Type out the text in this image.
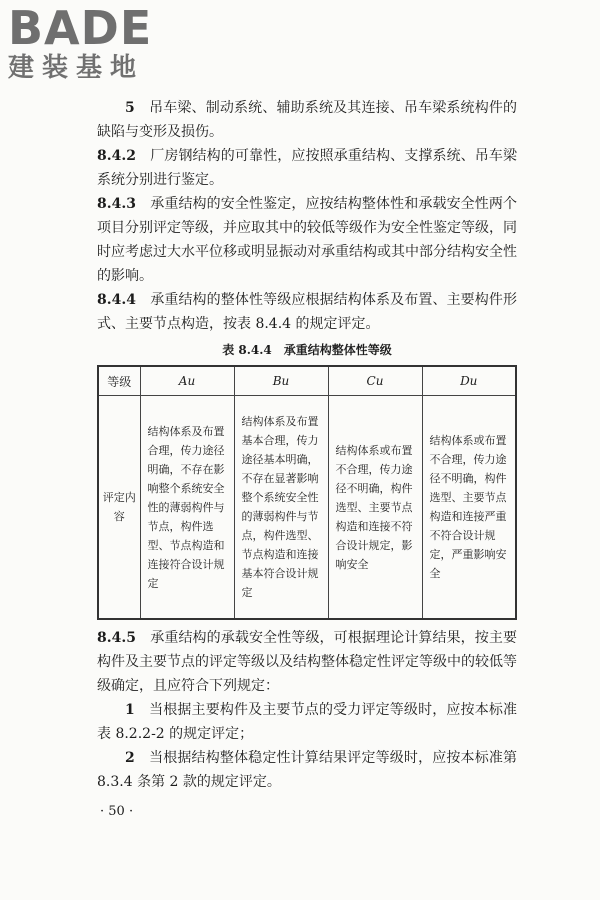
BADE
建装基地

5　 吊车梁、制动系统、辅助系统及其连接、吊车梁系统构件的缺陷与变形及损伤。

8.4.2　 厂房钢结构的可靠性，应按照承重结构、支撑系统、吊车梁系统分别进行鉴定。

8.4.3　 承重结构的安全性鉴定，应按结构整体性和承载安全性两个项目分别评定等级，并应取其中的较低等级作为安全性鉴定等级，同时应考虑过大水平位移或明显振动对承重结构或其中部分结构安全性的影响。

8.4.4　 承重结构的整体性等级应根据结构体系及布置、主要构件形式、主要节点构造，按表 8.4.4 的规定评定。

表 8.4.4　承重结构整体性等级
等级	Au	Bu	Cu	Du
评定内容	结构体系及布置合理，传力途径明确，不存在影响整个系统安全性的薄弱构件与节点，构件选型、节点构造和连接符合设计规定	结构体系及布置基本合理，传力途径基本明确，不存在显著影响整个系统安全性的薄弱构件与节点，构件选型、节点构造和连接基本符合设计规定	结构体系或布置不合理，传力途径不明确，构件选型、主要节点构造和连接不符合设计规定，影响安全	结构体系或布置不合理，传力途径不明确，构件选型、主要节点构造和连接严重不符合设计规定，严重影响安全

8.4.5　 承重结构的承载安全性等级，可根据理论计算结果，按主要构件及主要节点的评定等级以及结构整体稳定性评定等级中的较低等级确定，且应符合下列规定：

1　 当根据主要构件及主要节点的受力评定等级时，应按本标准表 8.2.2-2 的规定评定；

2　 当根据结构整体稳定性计算结果评定等级时，应按本标准第 8.3.4 条第 2 款的规定评定。

· 50 ·
